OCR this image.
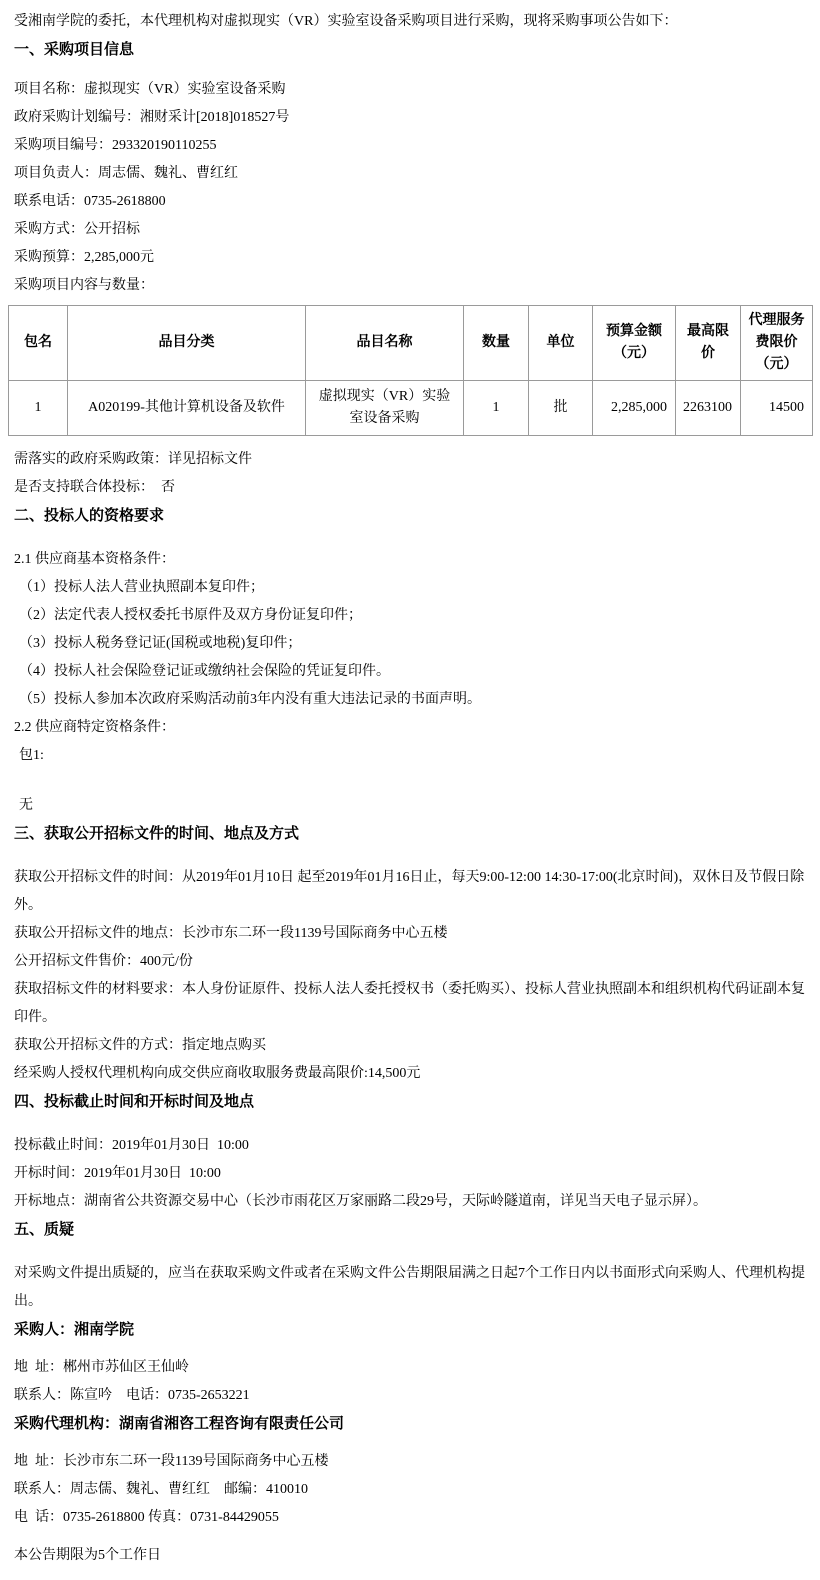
受湘南学院的委托，本代理机构对虚拟现实（VR）实验室设备采购项目进行采购，现将采购事项公告如下：

一、采购项目信息

项目名称：虚拟现实（VR）实验室设备采购

政府采购计划编号：湘财采计[2018]018527号

采购项目编号：293320190110255

项目负责人：周志儒、魏礼、曹红红

联系电话：0735-2618800

采购方式：公开招标

采购预算：2,285,000元

采购项目内容与数量：

包名	品目分类	品目名称	数量	单位	预算金额（元）	最高限价	代理服务费限价（元）
1	A020199-其他计算机设备及软件	虚拟现实（VR）实验室设备采购	1	批	2,285,000	2263100	14500

需落实的政府采购政策：详见招标文件

是否支持联合体投标：　否

二、投标人的资格要求

2.1 供应商基本资格条件：

（1）投标人法人营业执照副本复印件；

（2）法定代表人授权委托书原件及双方身份证复印件；

（3）投标人税务登记证(国税或地税)复印件；

（4）投标人社会保险登记证或缴纳社会保险的凭证复印件。

（5）投标人参加本次政府采购活动前3年内没有重大违法记录的书面声明。

2.2 供应商特定资格条件：

包1:

无

三、获取公开招标文件的时间、地点及方式

获取公开招标文件的时间：从2019年01月10日 起至2019年01月16日止，每天9:00-12:00 14:30-17:00(北京时间)，双休日及节假日除外。

获取公开招标文件的地点：长沙市东二环一段1139号国际商务中心五楼

公开招标文件售价：400元/份

获取招标文件的材料要求：本人身份证原件、投标人法人委托授权书（委托购买）、投标人营业执照副本和组织机构代码证副本复印件。

获取公开招标文件的方式：指定地点购买

经采购人授权代理机构向成交供应商收取服务费最高限价:14,500元

四、投标截止时间和开标时间及地点

投标截止时间：2019年01月30日  10:00

开标时间：2019年01月30日  10:00

开标地点：湖南省公共资源交易中心（长沙市雨花区万家丽路二段29号，天际岭隧道南，详见当天电子显示屏）。

五、质疑

对采购文件提出质疑的，应当在获取采购文件或者在采购文件公告期限届满之日起7个工作日内以书面形式向采购人、代理机构提出。

采购人：湘南学院

地  址：郴州市苏仙区王仙岭

联系人：陈宣吟　电话：0735-2653221

采购代理机构：湖南省湘咨工程咨询有限责任公司

地  址：长沙市东二环一段1139号国际商务中心五楼

联系人：周志儒、魏礼、曹红红　邮编：410010

电  话：0735-2618800 传真：0731-84429055

本公告期限为5个工作日
